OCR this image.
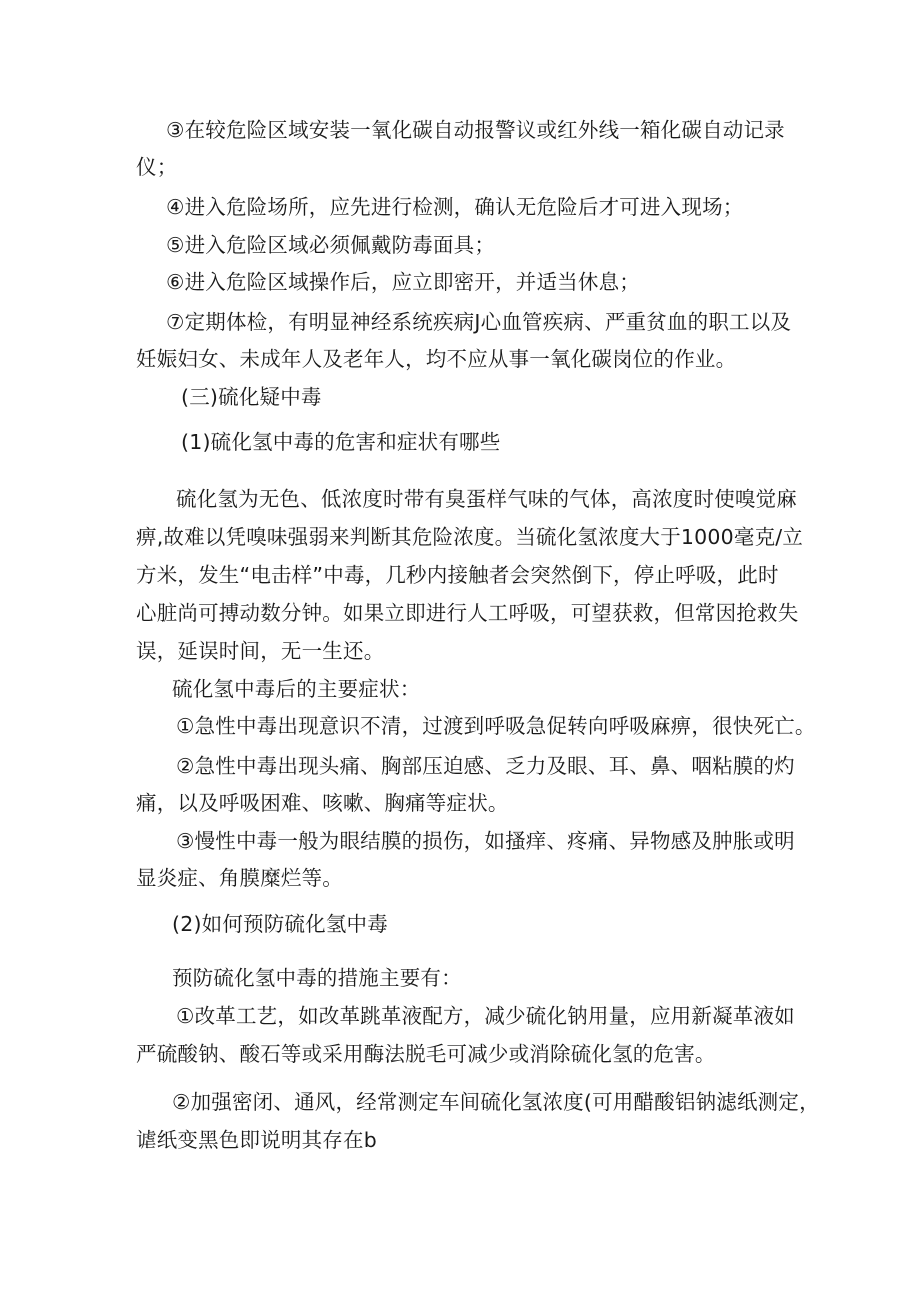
③在较危险区域安装一氧化碳自动报警议或红外线一箱化碳自动记录
仪；
④进入危险场所，应先进行检测，确认无危险后才可进入现场；
⑤进入危险区域必须佩戴防毒面具；
⑥进入危险区域操作后，应立即密开，并适当休息；
⑦定期体检，有明显神经系统疾病J心血管疾病、严重贫血的职工以及
妊娠妇女、未成年人及老年人，均不应从事一氧化碳岗位的作业。
(三)硫化疑中毒
(1)硫化氢中毒的危害和症状有哪些
硫化氢为无色、低浓度时带有臭蛋样气味的气体，高浓度时使嗅觉麻
痹,故难以凭嗅味强弱来判断其危险浓度。当硫化氢浓度大于1000毫克/立
方米，发生“电击样”中毒，几秒内接触者会突然倒下，停止呼吸，此时
心脏尚可搏动数分钟。如果立即进行人工呼吸，可望获救，但常因抢救失
误，延误时间，无一生还。
硫化氢中毒后的主要症状：
①急性中毒出现意识不清，过渡到呼吸急促转向呼吸麻痹，很快死亡。
②急性中毒出现头痛、胸部压迫感、乏力及眼、耳、鼻、咽粘膜的灼
痛，以及呼吸困难、咳嗽、胸痛等症状。
③慢性中毒一般为眼结膜的损伤，如搔痒、疼痛、异物感及肿胀或明
显炎症、角膜糜烂等。
(2)如何预防硫化氢中毒
预防硫化氢中毒的措施主要有：
①改革工艺，如改革跳革液配方，减少硫化钠用量，应用新凝革液如
严硫酸钠、酸石等或采用酶法脱毛可减少或消除硫化氢的危害。
②加强密闭、通风，经常测定车间硫化氢浓度(可用醋酸铝钠滤纸测定，
谑纸变黑色即说明其存在b
